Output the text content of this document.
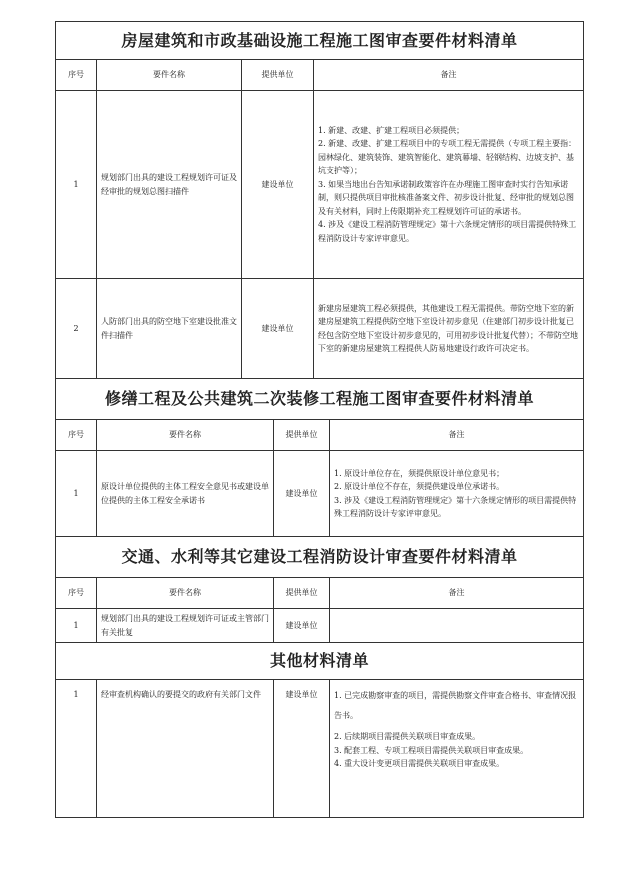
房屋建筑和市政基础设施工程施工图审查要件材料清单			
序号	要件名称	提供单位	备注
1	规划部门出具的建设工程规划许可证及经审批的规划总图扫描件	建设单位	1. 新建、改建、扩建工程项目必须提供；
2. 新建、改建、扩建工程项目中的专项工程无需提供（专项工程主要指：园林绿化、建筑装饰、建筑智能化、建筑幕墙、轻钢结构、边坡支护、基坑支护等）；
3. 如果当地出台告知承诺制政策容许在办理施工图审查时实行告知承诺制，则只提供项目审批核准备案文件、初步设计批复、经审批的规划总图及有关材料，同时上传限期补充工程规划许可证的承诺书。
4. 涉及《建设工程消防管理规定》第十六条规定情形的项目需提供特殊工程消防设计专家评审意见。

2	人防部门出具的防空地下室建设批准文件扫描件	建设单位	新建房屋建筑工程必须提供，其他建设工程无需提供。带防空地下室的新建房屋建筑工程提供防空地下室设计初步意见（住建部门初步设计批复已经包含防空地下室设计初步意见的，可用初步设计批复代替）；不带防空地下室的新建房屋建筑工程提供人防易地建设行政许可决定书。
修缮工程及公共建筑二次装修工程施工图审查要件材料清单			
序号	要件名称	提供单位	备注
1	原设计单位提供的主体工程安全意见书或建设单位提供的主体工程安全承诺书	建设单位	1. 原设计单位存在，须提供原设计单位意见书；
2. 原设计单位不存在，须提供建设单位承诺书。
3. 涉及《建设工程消防管理规定》第十六条规定情形的项目需提供特殊工程消防设计专家评审意见。
交通、水利等其它建设工程消防设计审查要件材料清单			
序号	要件名称	提供单位	备注
1	规划部门出具的建设工程规划许可证或主管部门有关批复	建设单位	
其他材料清单
1	经审查机构确认的要提交的政府有关部门文件	建设单位	1. 已完成勘察审查的项目，需提供勘察文件审查合格书、审查情况报告书。
2. 后续期项目需提供关联项目审查成果。
3. 配套工程、专项工程项目需提供关联项目审查成果。
4. 重大设计变更项目需提供关联项目审查成果。
